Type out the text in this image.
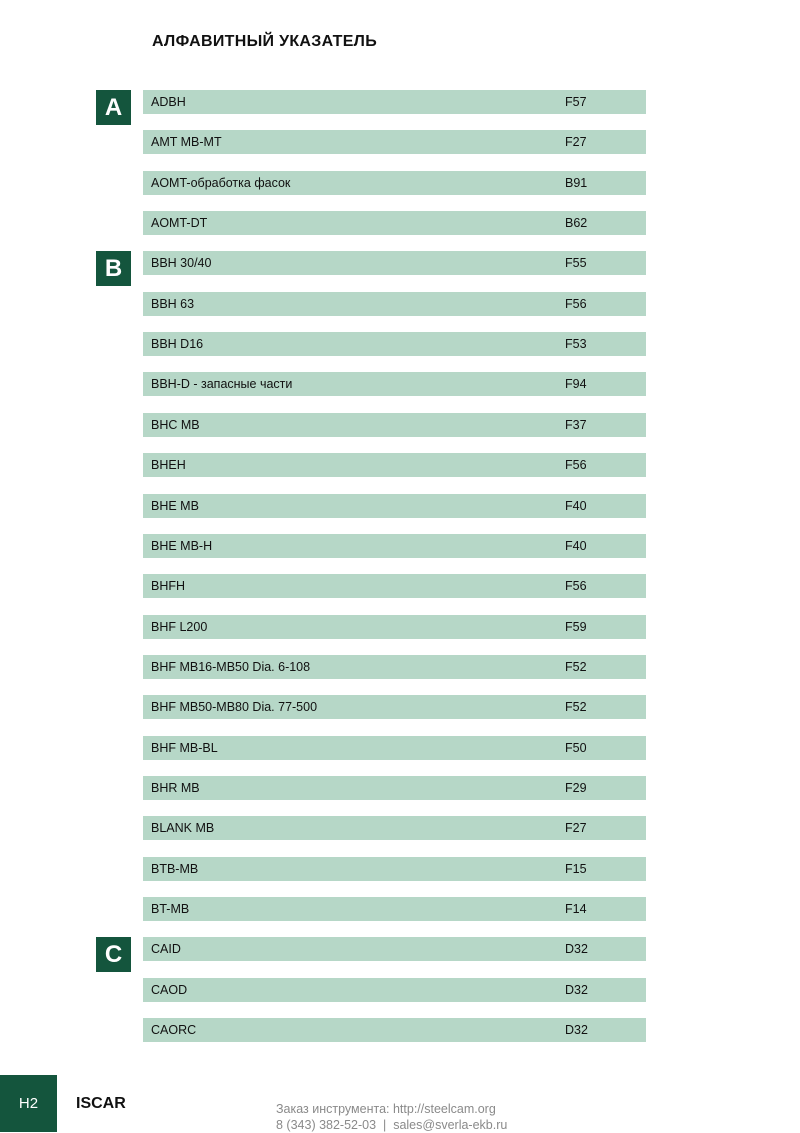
АЛФАВИТНЫЙ УКАЗАТЕЛЬ
A	ADBH	F57
AMT MB-MT	F27
AOMT-обработка фасок	B91
AOMT-DT	B62
B	BBH 30/40	F55
BBH 63	F56
BBH D16	F53
BBH-D - запасные части	F94
BHC MB	F37
BHEH	F56
BHE MB	F40
BHE MB-H	F40
BHFH	F56
BHF L200	F59
BHF MB16-MB50 Dia. 6-108	F52
BHF MB50-MB80 Dia. 77-500	F52
BHF MB-BL	F50
BHR MB	F29
BLANK MB	F27
BTB-MB	F15
BT-MB	F14
C	CAID	D32
CAOD	D32
CAORC	D32
H2	ISCAR	Заказ инструмента: http://steelcam.org
8 (343) 382-52-03  |  sales@sverla-ekb.ru
